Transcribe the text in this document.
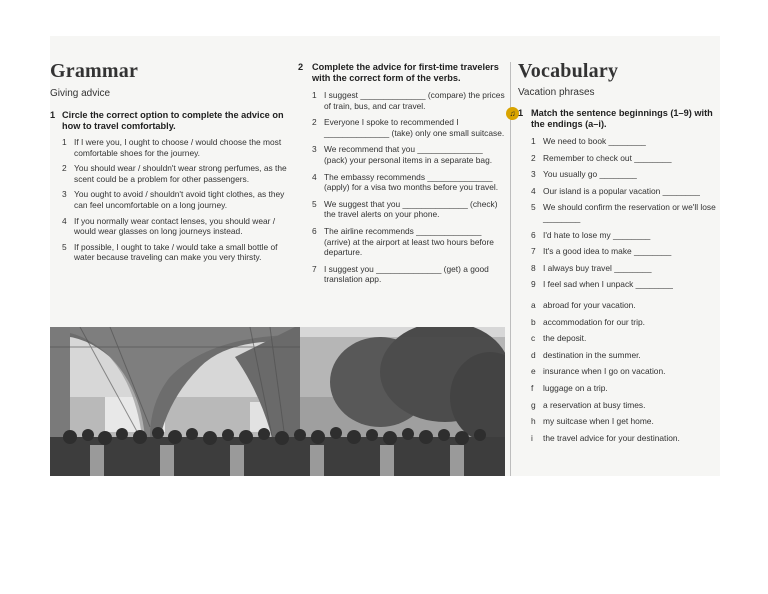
Grammar
Giving advice
1 Circle the correct option to complete the advice on how to travel comfortably.
1 If I were you, I ought to choose / would choose the most comfortable shoes for the journey.
2 You should wear / shouldn't wear strong perfumes, as the scent could be a problem for other passengers.
3 You ought to avoid / shouldn't avoid tight clothes, as they can feel uncomfortable on a long journey.
4 If you normally wear contact lenses, you should wear / would wear glasses on long journeys instead.
5 If possible, I ought to take / would take a small bottle of water because traveling can make you very thirsty.
2 Complete the advice for first-time travelers with the correct form of the verbs.
1 I suggest ______________ (compare) the prices of train, bus, and car travel.
2 Everyone I spoke to recommended I ______________ (take) only one small suitcase.
3 We recommend that you ______________ (pack) your personal items in a separate bag.
4 The embassy recommends ______________ (apply) for a visa two months before you travel.
5 We suggest that you ______________ (check) the travel alerts on your phone.
6 The airline recommends ______________ (arrive) at the airport at least two hours before departure.
7 I suggest you ______________ (get) a good translation app.
Vocabulary
Vacation phrases
♫ 1 Match the sentence beginnings (1–9) with the endings (a–i).
1 We need to book ________
2 Remember to check out ________
3 You usually go ________
4 Our island is a popular vacation ________
5 We should confirm the reservation or we'll lose ________
6 I'd hate to lose my ________
7 It's a good idea to make ________
8 I always buy travel ________
9 I feel sad when I unpack ________
a abroad for your vacation.
b accommodation for our trip.
c the deposit.
d destination in the summer.
e insurance when I go on vacation.
f luggage on a trip.
g a reservation at busy times.
h my suitcase when I get home.
i the travel advice for your destination.
